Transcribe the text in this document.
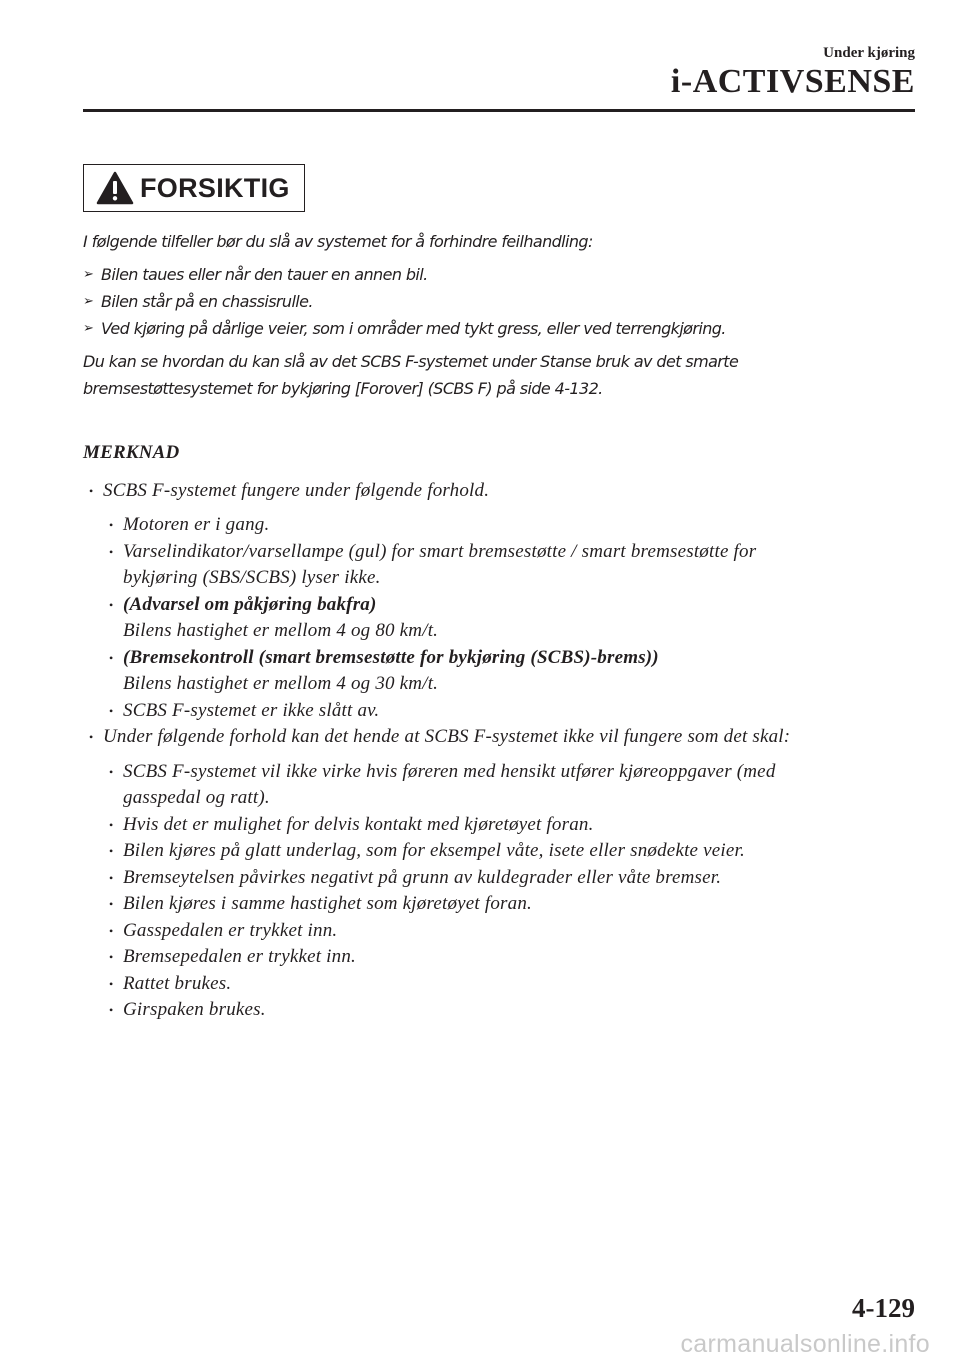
Under kjøring
i-ACTIVSENSE
FORSIKTIG

I følgende tilfeller bør du slå av systemet for å forhindre feilhandling:

➢ Bilen taues eller når den tauer en annen bil.
➢ Bilen står på en chassisrulle.
➢ Ved kjøring på dårlige veier, som i områder med tykt gress, eller ved terrengkjøring.

Du kan se hvordan du kan slå av det SCBS F-systemet under Stanse bruk av det smarte

bremsestøttesystemet for bykjøring [Forover] (SCBS F) på side 4-132.

MERKNAD
• SCBS F-systemet fungere under følgende forhold.
• Motoren er i gang.
• Varselindikator/varsellampe (gul) for smart bremsestøtte / smart bremsestøtte for
bykjøring (SBS/SCBS) lyser ikke.
• (Advarsel om påkjøring bakfra)
Bilens hastighet er mellom 4 og 80 km/t.
• (Bremsekontroll (smart bremsestøtte for bykjøring (SCBS)-brems))
Bilens hastighet er mellom 4 og 30 km/t.
• SCBS F-systemet er ikke slått av.
• Under følgende forhold kan det hende at SCBS F-systemet ikke vil fungere som det skal:
• SCBS F-systemet vil ikke virke hvis føreren med hensikt utfører kjøreoppgaver (med
gasspedal og ratt).
• Hvis det er mulighet for delvis kontakt med kjøretøyet foran.
• Bilen kjøres på glatt underlag, som for eksempel våte, isete eller snødekte veier.
• Bremseytelsen påvirkes negativt på grunn av kuldegrader eller våte bremser.
• Bilen kjøres i samme hastighet som kjøretøyet foran.
• Gasspedalen er trykket inn.
• Bremsepedalen er trykket inn.
• Rattet brukes.
• Girspaken brukes.
4-129
carmanualsonline.info
